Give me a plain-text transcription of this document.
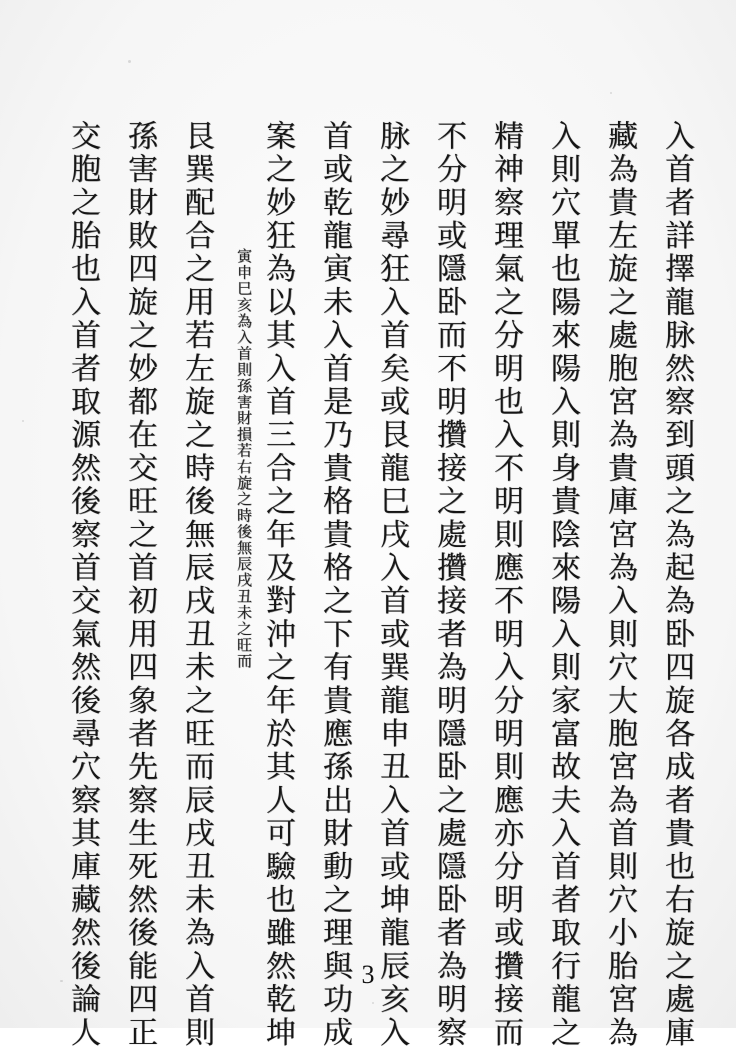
入首者詳擇龍脉然察到頭之為起為卧四旋各成者貴也右旋之處庫
藏為貴左旋之處胞宮為貴庫宮為入則穴大胞宮為首則穴小胎宮為
入則穴單也陽來陽入則身貴陰來陽入則家富故夫入首者取行龍之
精神察理氣之分明也入不明則應不明入分明則應亦分明或攢接而
不分明或隱卧而不明攢接之處攢接者為明隱卧之處隱卧者為明察
脉之妙尋狂入首矣或艮龍巳戌入首或巽龍申丑入首或坤龍辰亥入
首或乾龍寅未入首是乃貴格貴格之下有貴應孫出財動之理與功成
案之妙狂為以其入首三合之年及對沖之年於其人可驗也雖然乾坤
寅申巳亥為入首則孫害財損若右旋之時後無辰戌丑未之旺而
艮巽配合之用若左旋之時後無辰戌丑未之旺而辰戌丑未為入首則
孫害財敗四旋之妙都在交旺之首初用四象者先察生死然後能四正
交胞之胎也入首者取源然後察首交氣然後尋穴察其庫藏然後論人	3
